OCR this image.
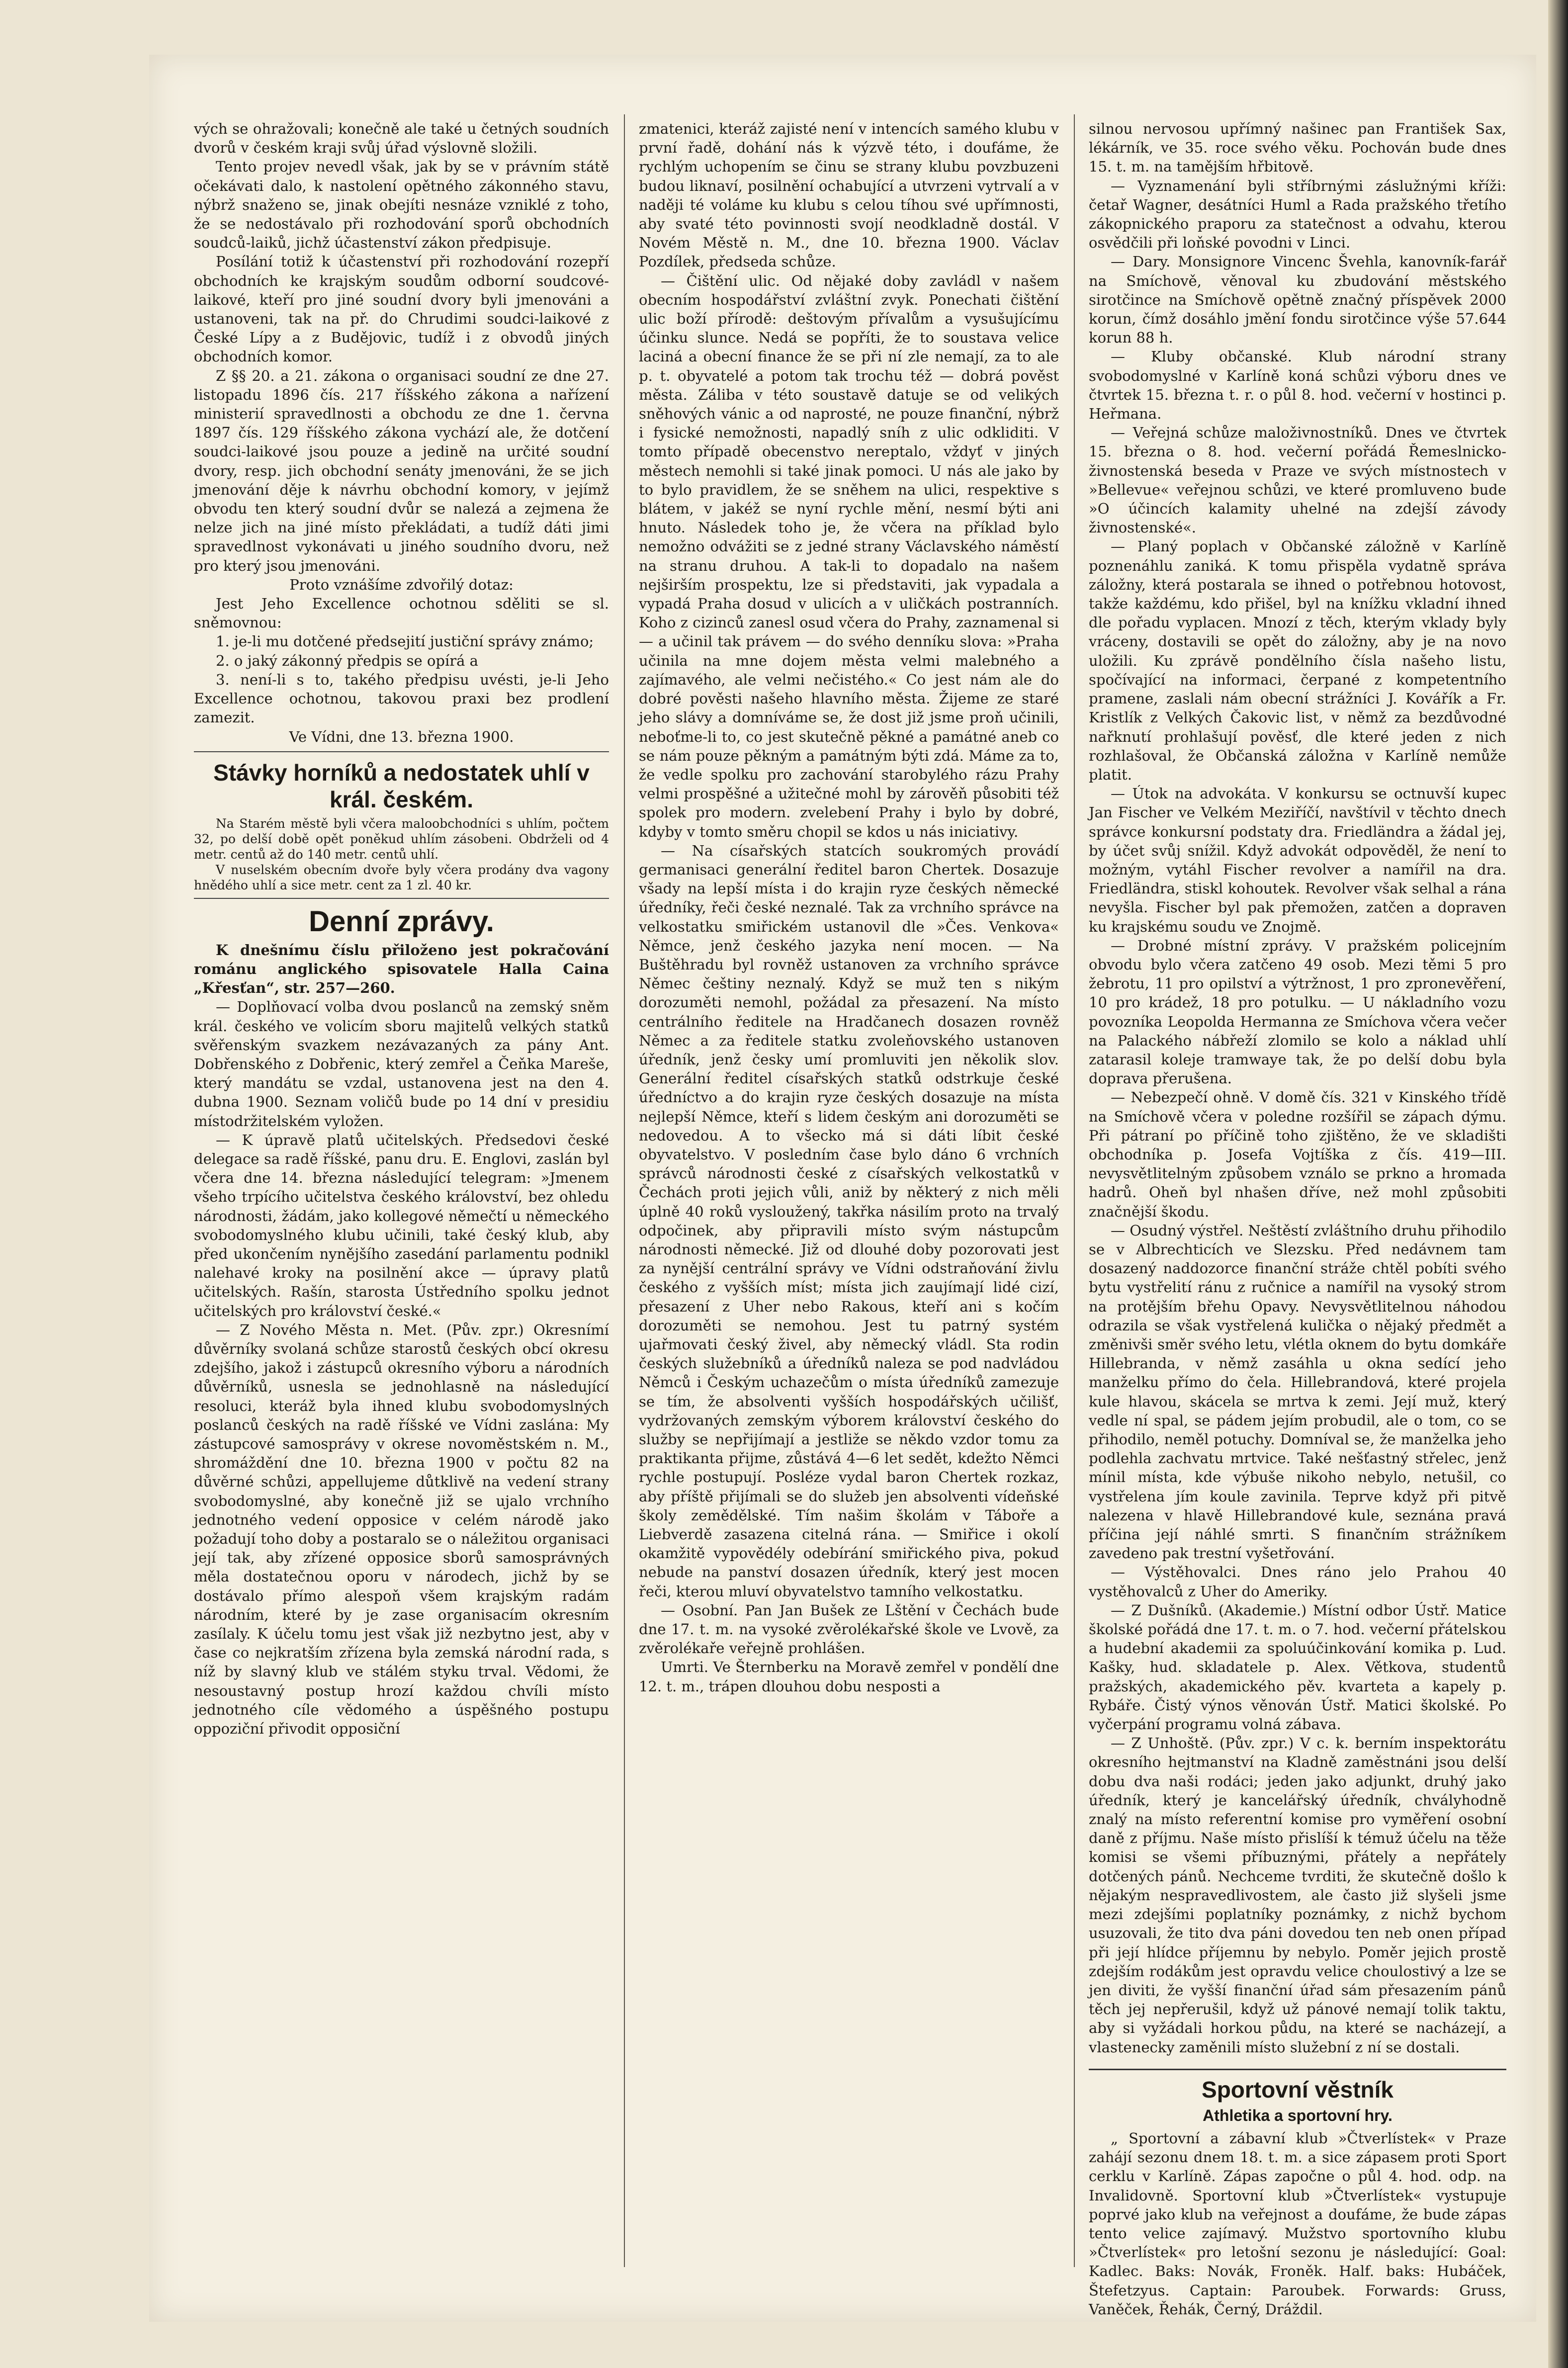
vých se ohražovali; konečně ale také u četných soudních dvorů v českém kraji svůj úřad výslovně složili.

Tento projev nevedl však, jak by se v právním státě očekávati dalo, k nastolení opětného zákonného stavu, nýbrž snaženo se, jinak obejíti nesnáze vzniklé z toho, že se nedostávalo při rozhodování sporů obchodních soudců-laiků, jichž účastenství zákon předpisuje.

Posílání totiž k účastenství při rozhodování rozepří obchodních ke krajským soudům odborní soudcové-laikové, kteří pro jiné soudní dvory byli jmenováni a ustanoveni, tak na př. do Chrudimi soudci-laikové z České Lípy a z Budějovic, tudíž i z obvodů jiných obchodních komor.

Z §§ 20. a 21. zákona o organisaci soudní ze dne 27. listopadu 1896 čís. 217 říšského zákona a nařízení ministerií spravedlnosti a obchodu ze dne 1. června 1897 čís. 129 říšského zákona vychází ale, že dotčení soudci-laikové jsou pouze a jedině na určité soudní dvory, resp. jich obchodní senáty jmenováni, že se jich jmenování děje k návrhu obchodní komory, v jejímž obvodu ten který soudní dvůr se nalezá a zejmena že nelze jich na jiné místo překládati, a tudíž dáti jimi spravedlnost vykonávati u jiného soudního dvoru, než pro který jsou jmenováni.

Proto vznášíme zdvořilý dotaz:

Jest Jeho Excellence ochotnou sděliti se sl. sněmovnou:

1. je-li mu dotčené předsejití justiční správy známo;

2. o jaký zákonný předpis se opírá a

3. není-li s to, takého předpisu uvésti, je-li Jeho Excellence ochotnou, takovou praxi bez prodlení zamezit.

Ve Vídni, dne 13. března 1900.

Stávky horníků a nedostatek uhlí v král. českém.

Na Starém městě byli včera maloobchodníci s uhlím, počtem 32, po delší době opět poněkud uhlím zásobeni. Obdrželi od 4 metr. centů až do 140 metr. centů uhlí.

V nuselském obecním dvoře byly včera prodány dva vagony hnědého uhlí a sice metr. cent za 1 zl. 40 kr.

Denní zprávy.

K dnešnímu číslu přiloženo jest pokračování románu anglického spisovatele Halla Caina „Křesťan“, str. 257—260.

— Doplňovací volba dvou poslanců na zemský sněm král. českého ve volicím sboru majitelů velkých statků svěřenským svazkem nezávazaných za pány Ant. Dobřenského z Dobřenic, který zemřel a Čeňka Mareše, který mandátu se vzdal, ustanovena jest na den 4. dubna 1900. Seznam voličů bude po 14 dní v presidiu místodržitelském vyložen.

— K úpravě platů učitelských. Předsedovi české delegace sa radě říšské, panu dru. E. Englovi, zaslán byl včera dne 14. března následující telegram: »Jmenem všeho trpícího učitelstva českého království, bez ohledu národnosti, žádám, jako kollegové němečtí u německého svobodomyslného klubu učinili, také český klub, aby před ukončením nynějšího zasedání parlamentu podnikl nalehavé kroky na posilnění akce — úpravy platů učitelských. Rašín, starosta Ústředního spolku jednot učitelských pro království české.«

— Z Nového Města n. Met. (Pův. zpr.) Okresnímí důvěrníky svolaná schůze starostů českých obcí okresu zdejšího, jakož i zástupců okresního výboru a národních důvěrníků, usnesla se jednohlasně na následující resoluci, kteráž byla ihned klubu svobodomyslných poslanců českých na radě říšské ve Vídni zaslána: My zástupcové samosprávy v okrese novoměstském n. M., shromáždění dne 10. března 1900 v počtu 82 na důvěrné schůzi, appellujeme důtklivě na vedení strany svobodomyslné, aby konečně již se ujalo vrchního jednotného vedení opposice v celém národě jako požadují toho doby a postaralo se o náležitou organisaci její tak, aby zřízené opposice sborů samosprávných měla dostatečnou oporu v národech, jichž by se dostávalo přímo alespoň všem krajským radám národním, které by je zase organisacím okresním zasílaly. K účelu tomu jest však již nezbytno jest, aby v čase co nejkratším zřízena byla zemská národní rada, s níž by slavný klub ve stálém styku trval. Vědomi, že nesoustavný postup hrozí každou chvíli místo jednotného cíle vědomého a úspěšného postupu oppoziční přivodit opposiční

zmatenici, kteráž zajisté není v intencích samého klubu v první řadě, dohání nás k výzvě této, i doufáme, že rychlým uchopením se činu se strany klubu povzbuzeni budou liknaví, posilnění ochabující a utvrzeni vytrvalí a v naději té voláme ku klubu s celou tíhou své upřímnosti, aby svaté této povinnosti svojí neodkladně dostál. V Novém Městě n. M., dne 10. března 1900. Václav Pozdílek, předseda schůze.

— Čištění ulic. Od nějaké doby zavládl v našem obecním hospodářství zvláštní zvyk. Ponechati čištění ulic boží přírodě: deštovým přívalům a vysušujícímu účinku slunce. Nedá se popříti, že to soustava velice laciná a obecní finance že se při ní zle nemají, za to ale p. t. obyvatelé a potom tak trochu též — dobrá pověst města. Záliba v této soustavě datuje se od velikých sněhových vánic a od naprosté, ne pouze finanční, nýbrž i fysické nemožnosti, napadlý sníh z ulic odkliditi. V tomto případě obecenstvo nereptalo, vždyť v jiných městech nemohli si také jinak pomoci. U nás ale jako by to bylo pravidlem, že se sněhem na ulici, respektive s blátem, v jakéž se nyní rychle mění, nesmí býti ani hnuto. Následek toho je, že včera na příklad bylo nemožno odvážiti se z jedné strany Václavského náměstí na stranu druhou. A tak-li to dopadalo na našem nejširším prospektu, lze si představiti, jak vypadala a vypadá Praha dosud v ulicích a v uličkách postranních. Koho z cizinců zanesl osud včera do Prahy, zaznamenal si — a učinil tak právem — do svého denníku slova: »Praha učinila na mne dojem města velmi malebného a zajímavého, ale velmi nečistého.« Co jest nám ale do dobré pověsti našeho hlavního města. Žijeme ze staré jeho slávy a domníváme se, že dost již jsme proň učinili, neboťme-li to, co jest skutečně pěkné a památné aneb co se nám pouze pěkným a památným býti zdá. Máme za to, že vedle spolku pro zachování starobylého rázu Prahy velmi prospěšné a užitečné mohl by zárověň působiti též spolek pro modern. zvelebení Prahy i bylo by dobré, kdyby v tomto směru chopil se kdos u nás iniciativy.

— Na císařských statcích soukromých provádí germanisaci generální ředitel baron Chertek. Dosazuje všady na lepší místa i do krajin ryze českých německé úředníky, řeči české neznalé. Tak za vrchního správce na velkostatku smiřickém ustanovil dle »Čes. Venkova« Němce, jenž českého jazyka není mocen. — Na Buštěhradu byl rovněž ustanoven za vrchního správce Němec češtiny neznalý. Když se muž ten s nikým dorozuměti nemohl, požádal za přesazení. Na místo centrálního ředitele na Hradčanech dosazen rovněž Němec a za ředitele statku zvoleňovského ustanoven úředník, jenž česky umí promluviti jen několik slov. Generální ředitel císařských statků odstrkuje české úředníctvo a do krajin ryze českých dosazuje na místa nejlepší Němce, kteří s lidem českým ani dorozuměti se nedovedou. A to všecko má si dáti líbit české obyvatelstvo. V posledním čase bylo dáno 6 vrchních správců národnosti české z císařských velkostatků v Čechách proti jejich vůli, aniž by některý z nich měli úplně 40 roků vysloužený, takřka násilím proto na trvalý odpočinek, aby připravili místo svým nástupcům národnosti německé. Již od dlouhé doby pozorovati jest za nynější centrální správy ve Vídni odstraňování živlu českého z vyšších míst; místa jich zaujímají lidé cizí, přesazení z Uher nebo Rakous, kteří ani s kočím dorozuměti se nemohou. Jest tu patrný systém ujařmovati český živel, aby německý vládl. Sta rodin českých služebníků a úředníků naleza se pod nadvládou Němců i Českým uchazečům o místa úředníků zamezuje se tím, že absolventi vyšších hospodářských učilišť, vydržovaných zemským výborem království českého do služby se nepřijímají a jestliže se někdo vzdor tomu za praktikanta přijme, zůstává 4—6 let sedět, kdežto Němci rychle postupují. Posléze vydal baron Chertek rozkaz, aby příště přijímali se do služeb jen absolventi vídeňské školy zemědělské. Tím našim školám v Táboře a Liebverdě zasazena citelná rána. — Smiřice i okolí okamžitě vypovědély odebírání smiřického piva, pokud nebude na panství dosazen úředník, který jest mocen řeči, kterou mluví obyvatelstvo tamního velkostatku.

— Osobní. Pan Jan Bušek ze Lštění v Čechách bude dne 17. t. m. na vysoké zvěrolékařské škole ve Lvově, za zvěrolékaře veřejně prohlášen.

Umrti. Ve Šternberku na Moravě zemřel v pondělí dne 12. t. m., trápen dlouhou dobu nesposti a

silnou nervosou upřímný našinec pan František Sax, lékárník, ve 35. roce svého věku. Pochován bude dnes 15. t. m. na tamějším hřbitově.

— Vyznamenání byli stříbrnými záslužnými kříži: četař Wagner, desátníci Huml a Rada pražského třetího zákopnického praporu za statečnost a odvahu, kterou osvědčili při loňské povodni v Linci.

— Dary. Monsignore Vincenc Švehla, kanovník-farář na Smíchově, věnoval ku zbudování městského sirotčince na Smíchově opětně značný příspěvek 2000 korun, čímž dosáhlo jmění fondu sirotčince výše 57.644 korun 88 h.

— Kluby občanské. Klub národní strany svobodomyslné v Karlíně koná schůzi výboru dnes ve čtvrtek 15. března t. r. o půl 8. hod. večerní v hostinci p. Heřmana.

— Veřejná schůze maloživnostníků. Dnes ve čtvrtek 15. března o 8. hod. večerní pořádá Řemeslnicko-živnostenská beseda v Praze ve svých místnostech v »Bellevue« veřejnou schůzi, ve které promluveno bude »O účincích kalamity uhelné na zdejší závody živnostenské«.

— Planý poplach v Občanské záložně v Karlíně poznenáhlu zaniká. K tomu přispěla vydatně správa záložny, která postarala se ihned o potřebnou hotovost, takže každému, kdo přišel, byl na knížku vkladní ihned dle pořadu vyplacen. Mnozí z těch, kterým vklady byly vráceny, dostavili se opět do záložny, aby je na novo uložili. Ku zprávě pondělního čísla našeho listu, spočívající na informaci, čerpané z kompetentního pramene, zaslali nám obecní strážníci J. Kovářík a Fr. Kristlík z Velkých Čakovic list, v němž za bezdůvodné nařknutí prohlašují pověsť, dle které jeden z nich rozhlašoval, že Občanská záložna v Karlíně nemůže platit.

— Útok na advokáta. V konkursu se octnuvší kupec Jan Fischer ve Velkém Meziříčí, navštívil v těchto dnech správce konkursní podstaty dra. Friedländra a žádal jej, by účet svůj snížil. Když advokát odpověděl, že není to možným, vytáhl Fischer revolver a namířil na dra. Friedländra, stiskl kohoutek. Revolver však selhal a rána nevyšla. Fischer byl pak přemožen, zatčen a dopraven ku krajskému soudu ve Znojmě.

— Drobné místní zprávy. V pražském policejním obvodu bylo včera zatčeno 49 osob. Mezi těmi 5 pro žebrotu, 11 pro opilství a výtržnost, 1 pro zpronevěření, 10 pro krádež, 18 pro potulku. — U nákladního vozu povozníka Leopolda Hermanna ze Smíchova včera večer na Palackého nábřeží zlomilo se kolo a náklad uhlí zatarasil koleje tramwaye tak, že po delší dobu byla doprava přerušena.

— Nebezpečí ohně. V domě čís. 321 v Kinského třídě na Smíchově včera v poledne rozšířil se zápach dýmu. Při pátraní po příčině toho zjištěno, že ve skladišti obchodníka p. Josefa Vojtíška z čís. 419—III. nevysvětlitelným způsobem vználo se prkno a hromada hadrů. Oheň byl nhašen dříve, než mohl způsobiti značnější škodu.

— Osudný výstřel. Neštěstí zvláštního druhu přihodilo se v Albrechticích ve Slezsku. Před nedávnem tam dosazený naddozorce finanční stráže chtěl pobíti svého bytu vystřelití ránu z ručnice a namířil na vysoký strom na protějším břehu Opavy. Nevysvětlitelnou náhodou odrazila se však vystřelená kulička o nějaký předmět a změnivši směr svého letu, vlétla oknem do bytu domkáře Hillebranda, v němž zasáhla u okna sedící jeho manželku přímo do čela. Hillebrandová, které projela kule hlavou, skácela se mrtva k zemi. Její muž, který vedle ní spal, se pádem jejím probudil, ale o tom, co se přihodilo, neměl potuchy. Domníval se, že manželka jeho podlehla zachvatu mrtvice. Také nešťastný střelec, jenž mínil místa, kde výbuše nikoho nebylo, netušil, co vystřelena jím koule zavinila. Teprve když při pitvě nalezena v hlavě Hillebrandové kule, seznána pravá příčina její náhlé smrti. S finančním strážníkem zavedeno pak trestní vyšetřování.

— Výstěhovalci. Dnes ráno jelo Prahou 40 vystěhovalců z Uher do Ameriky.

— Z Dušníků. (Akademie.) Místní odbor Ústř. Matice školské pořádá dne 17. t. m. o 7. hod. večerní přátelskou a hudební akademii za spoluúčinkování komika p. Lud. Kašky, hud. skladatele p. Alex. Větkova, studentů pražských, akademického pěv. kvarteta a kapely p. Rybáře. Čistý výnos věnován Ústř. Matici školské. Po vyčerpání programu volná zábava.

— Z Unhoště. (Pův. zpr.) V c. k. berním inspektorátu okresního hejtmanství na Kladně zaměstnáni jsou delší dobu dva naši rodáci; jeden jako adjunkt, druhý jako úředník, který je kancelářský úředník, chvályhodně znalý na místo referentní komise pro vyměření osobní daně z příjmu. Naše místo přislíší k témuž účelu na těže komisi se všemi příbuznými, přátely a nepřátely dotčených pánů. Nechceme tvrditi, že skutečně došlo k nějakým nespravedlivostem, ale často již slyšeli jsme mezi zdejšími poplatníky poznámky, z nichž bychom usuzovali, že tito dva páni dovedou ten neb onen případ při její hlídce příjemnu by nebylo. Poměr jejich prostě zdejším rodákům jest opravdu velice choulostivý a lze se jen diviti, že vyšší finanční úřad sám přesazením pánů těch jej nepřerušil, když už pánové nemají tolik taktu, aby si vyžádali horkou půdu, na které se nacházejí, a vlastenecky zaměnili místo služební z ní se dostali.

Sportovní věstník
Athletika a sportovní hry.

„ Sportovní a zábavní klub »Čtverlístek« v Praze zahájí sezonu dnem 18. t. m. a sice zápasem proti Sport cerklu v Karlíně. Zápas započne o půl 4. hod. odp. na Invalidovně. Sportovní klub »Čtverlístek« vystupuje poprvé jako klub na veřejnost a doufáme, že bude zápas tento velice zajímavý. Mužstvo sportovního klubu »Čtverlístek« pro letošní sezonu je následující: Goal: Kadlec. Baks: Novák, Froněk. Half. baks: Hubáček, Štefetzyus. Captain: Paroubek. Forwards: Gruss, Vaněček, Řehák, Černý, Dráždil.
